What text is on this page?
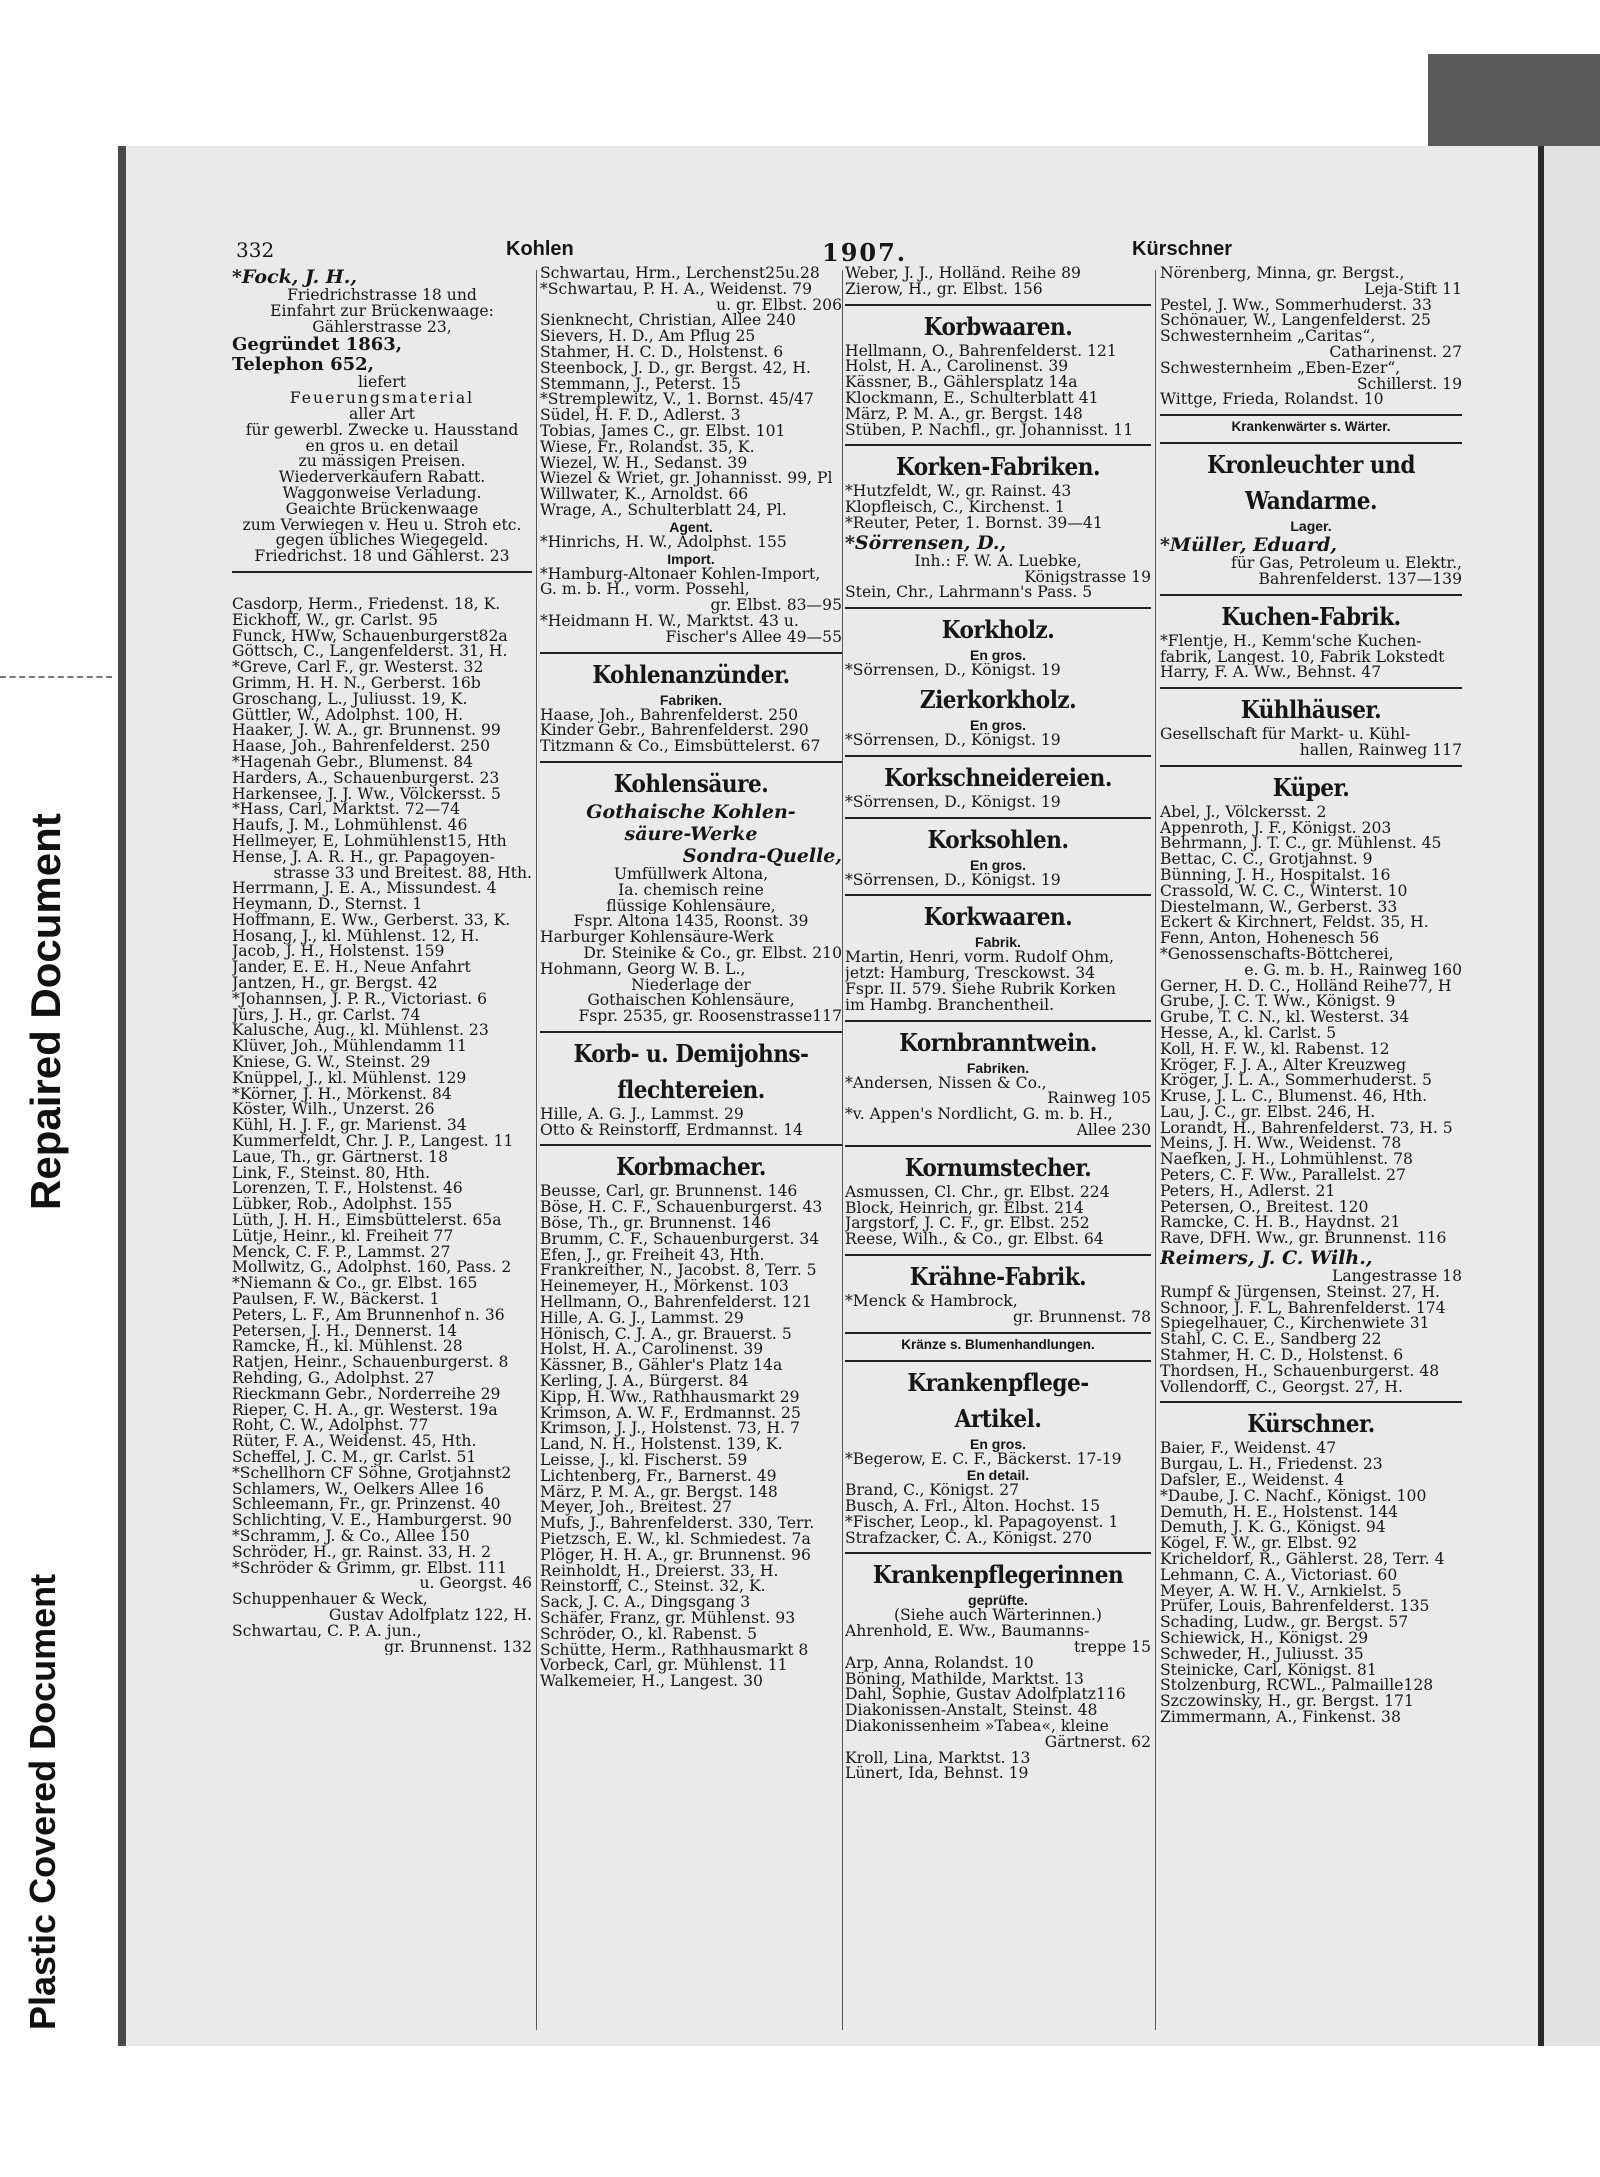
Repaired Document
Plastic Covered Document
332	Kohlen	1907.	Kürschner
*Fock, J. H.,
Friedrichstrasse 18 und
Einfahrt zur Brückenwaage:
Gählerstrasse 23,
Gegründet 1863,
Telephon 652,
liefert
Feuerungsmaterial
aller Art
für gewerbl. Zwecke u. Hausstand
en gros u. en detail
zu mässigen Preisen.
Wiederverkäufern Rabatt.
Waggonweise Verladung.
Geaichte Brückenwaage
zum Verwiegen v. Heu u. Stroh etc.
gegen übliches Wiegegeld.
Friedrichst. 18 und Gählerst. 23
Casdorp, Herm., Friedenst. 18, K.
Eickhoff, W., gr. Carlst. 95
Funck, HWw, Schauenburgerst82a
Göttsch, C., Langenfelderst. 31, H.
*Greve, Carl F., gr. Westerst. 32
Grimm, H. H. N., Gerberst. 16b
Groschang, L., Juliusst. 19, K.
Güttler, W., Adolphst. 100, H.
Haaker, J. W. A., gr. Brunnenst. 99
Haase, Joh., Bahrenfelderst. 250
*Hagenah Gebr., Blumenst. 84
Harders, A., Schauenburgerst. 23
Harkensee, J. J. Ww., Völckersst. 5
*Hass, Carl, Marktst. 72—74
Haufs, J. M., Lohmühlenst. 46
Hellmeyer, E, Lohmühlenst15, Hth
Hense, J. A. R. H., gr. Papagoyen-
strasse 33 und Breitest. 88, Hth.
Herrmann, J. E. A., Missundest. 4
Heymann, D., Sternst. 1
Hoffmann, E. Ww., Gerberst. 33, K.
Hosang, J., kl. Mühlenst. 12, H.
Jacob, J. H., Holstenst. 159
Jander, E. E. H., Neue Anfahrt
Jantzen, H., gr. Bergst. 42
*Johannsen, J. P. R., Victoriast. 6
Jürs, J. H., gr. Carlst. 74
Kalusche, Aug., kl. Mühlenst. 23
Klüver, Joh., Mühlendamm 11
Kniese, G. W., Steinst. 29
Knüppel, J., kl. Mühlenst. 129
*Körner, J. H., Mörkenst. 84
Köster, Wilh., Unzerst. 26
Kühl, H. J. F., gr. Marienst. 34
Kummerfeldt, Chr. J. P., Langest. 11
Laue, Th., gr. Gärtnerst. 18
Link, F., Steinst. 80, Hth.
Lorenzen, T. F., Holstenst. 46
Lübker, Rob., Adolphst. 155
Lüth, J. H. H., Eimsbüttelerst. 65a
Lütje, Heinr., kl. Freiheit 77
Menck, C. F. P., Lammst. 27
Mollwitz, G., Adolphst. 160, Pass. 2
*Niemann & Co., gr. Elbst. 165
Paulsen, F. W., Bäckerst. 1
Peters, L. F., Am Brunnenhof n. 36
Petersen, J. H., Dennerst. 14
Ramcke, H., kl. Mühlenst. 28
Ratjen, Heinr., Schauenburgerst. 8
Rehding, G., Adolphst. 27
Rieckmann Gebr., Norderreihe 29
Rieper, C. H. A., gr. Westerst. 19a
Roht, C. W., Adolphst. 77
Rüter, F. A., Weidenst. 45, Hth.
Scheffel, J. C. M., gr. Carlst. 51
*Schellhorn CF Söhne, Grotjahnst2
Schlamers, W., Oelkers Allee 16
Schleemann, Fr., gr. Prinzenst. 40
Schlichting, V. E., Hamburgerst. 90
*Schramm, J. & Co., Allee 150
Schröder, H., gr. Rainst. 33, H. 2
*Schröder & Grimm, gr. Elbst. 111
u. Georgst. 46
Schuppenhauer & Weck,
Gustav Adolfplatz 122, H.
Schwartau, C. P. A. jun.,
gr. Brunnenst. 132
Schwartau, Hrm., Lerchenst25u.28
*Schwartau, P. H. A., Weidenst. 79
u. gr. Elbst. 206
Sienknecht, Christian, Allee 240
Sievers, H. D., Am Pflug 25
Stahmer, H. C. D., Holstenst. 6
Steenbock, J. D., gr. Bergst. 42, H.
Stemmann, J., Peterst. 15
*Stremplewitz, V., 1. Bornst. 45/47
Südel, H. F. D., Adlerst. 3
Tobias, James C., gr. Elbst. 101
Wiese, Fr., Rolandst. 35, K.
Wiezel, W. H., Sedanst. 39
Wiezel & Wriet, gr. Johannisst. 99, Pl
Willwater, K., Arnoldst. 66
Wrage, A., Schulterblatt 24, Pl.
Agent.
*Hinrichs, H. W., Adolphst. 155
Import.
*Hamburg-Altonaer Kohlen-Import,
G. m. b. H., vorm. Possehl,
gr. Elbst. 83—95
*Heidmann H. W., Marktst. 43 u.
Fischer's Allee 49—55
Kohlenanzünder.
Fabriken.
Haase, Joh., Bahrenfelderst. 250
Kinder Gebr., Bahrenfelderst. 290
Titzmann & Co., Eimsbüttelerst. 67
Kohlensäure.
Gothaische Kohlen-
säure-Werke
Sondra-Quelle,
Umfüllwerk Altona,
Ia. chemisch reine
flüssige Kohlensäure,
Fspr. Altona 1435, Roonst. 39
Harburger Kohlensäure-Werk
Dr. Steinike & Co., gr. Elbst. 210
Hohmann, Georg W. B. L.,
Niederlage der
Gothaischen Kohlensäure,
Fspr. 2535, gr. Roosenstrasse117
Korb- u. Demijohns-
flechtereien.
Hille, A. G. J., Lammst. 29
Otto & Reinstorff, Erdmannst. 14
Korbmacher.
Beusse, Carl, gr. Brunnenst. 146
Böse, H. C. F., Schauenburgerst. 43
Böse, Th., gr. Brunnenst. 146
Brumm, C. F., Schauenburgerst. 34
Efen, J., gr. Freiheit 43, Hth.
Frankreither, N., Jacobst. 8, Terr. 5
Heinemeyer, H., Mörkenst. 103
Hellmann, O., Bahrenfelderst. 121
Hille, A. G. J., Lammst. 29
Hönisch, C. J. A., gr. Brauerst. 5
Holst, H. A., Carolinenst. 39
Kässner, B., Gähler's Platz 14a
Kerling, J. A., Bürgerst. 84
Kipp, H. Ww., Rathhausmarkt 29
Krimson, A. W. F., Erdmannst. 25
Krimson, J. J., Holstenst. 73, H. 7
Land, N. H., Holstenst. 139, K.
Leisse, J., kl. Fischerst. 59
Lichtenberg, Fr., Barnerst. 49
März, P. M. A., gr. Bergst. 148
Meyer, Joh., Breitest. 27
Mufs, J., Bahrenfelderst. 330, Terr.
Pietzsch, E. W., kl. Schmiedest. 7a
Plöger, H. H. A., gr. Brunnenst. 96
Reinholdt, H., Dreierst. 33, H.
Reinstorff, C., Steinst. 32, K.
Sack, J. C. A., Dingsgang 3
Schäfer, Franz, gr. Mühlenst. 93
Schröder, O., kl. Rabenst. 5
Schütte, Herm., Rathhausmarkt 8
Vorbeck, Carl, gr. Mühlenst. 11
Walkemeier, H., Langest. 30
Weber, J. J., Holländ. Reihe 89
Zierow, H., gr. Elbst. 156
Korbwaaren.
Hellmann, O., Bahrenfelderst. 121
Holst, H. A., Carolinenst. 39
Kässner, B., Gählersplatz 14a
Klockmann, E., Schulterblatt 41
März, P. M. A., gr. Bergst. 148
Stüben, P. Nachfl., gr. Johannisst. 11
Korken-Fabriken.
*Hutzfeldt, W., gr. Rainst. 43
Klopfleisch, C., Kirchenst. 1
*Reuter, Peter, 1. Bornst. 39—41
*Sörrensen, D.,
Inh.: F. W. A. Luebke,
Königstrasse 19
Stein, Chr., Lahrmann's Pass. 5
Korkholz.
En gros.
*Sörrensen, D., Königst. 19
Zierkorkholz.
En gros.
*Sörrensen, D., Königst. 19
Korkschneidereien.
*Sörrensen, D., Königst. 19
Korksohlen.
En gros.
*Sörrensen, D., Königst. 19
Korkwaaren.
Fabrik.
Martin, Henri, vorm. Rudolf Ohm,
jetzt: Hamburg, Tresckowst. 34
Fspr. II. 579. Siehe Rubrik Korken
im Hambg. Branchentheil.
Kornbranntwein.
Fabriken.
*Andersen, Nissen & Co.,
Rainweg 105
*v. Appen's Nordlicht, G. m. b. H.,
Allee 230
Kornumstecher.
Asmussen, Cl. Chr., gr. Elbst. 224
Block, Heinrich, gr. Elbst. 214
Jargstorf, J. C. F., gr. Elbst. 252
Reese, Wilh., & Co., gr. Elbst. 64
Krähne-Fabrik.
*Menck & Hambrock,
gr. Brunnenst. 78
Kränze s. Blumenhandlungen.
Krankenpflege-
Artikel.
En gros.
*Begerow, E. C. F., Bäckerst. 17-19
En detail.
Brand, C., Königst. 27
Busch, A. Frl., Alton. Hochst. 15
*Fischer, Leop., kl. Papagoyenst. 1
Strafzacker, C. A., Königst. 270
Krankenpflegerinnen
geprüfte.
(Siehe auch Wärterinnen.)
Ahrenhold, E. Ww., Baumanns-
treppe 15
Arp, Anna, Rolandst. 10
Böning, Mathilde, Marktst. 13
Dahl, Sophie, Gustav Adolfplatz116
Diakonissen-Anstalt, Steinst. 48
Diakonissenheim »Tabea«, kleine
Gärtnerst. 62
Kroll, Lina, Marktst. 13
Lünert, Ida, Behnst. 19
Nörenberg, Minna, gr. Bergst.,
Leja-Stift 11
Pestel, J. Ww., Sommerhuderst. 33
Schönauer, W., Langenfelderst. 25
Schwesternheim „Caritas“,
Catharinenst. 27
Schwesternheim „Eben-Ezer“,
Schillerst. 19
Wittge, Frieda, Rolandst. 10
Krankenwärter s. Wärter.
Kronleuchter und
Wandarme.
Lager.
*Müller, Eduard,
für Gas, Petroleum u. Elektr.,
Bahrenfelderst. 137—139
Kuchen-Fabrik.
*Flentje, H., Kemm'sche Kuchen-
fabrik, Langest. 10, Fabrik Lokstedt
Harry, F. A. Ww., Behnst. 47
Kühlhäuser.
Gesellschaft für Markt- u. Kühl-
hallen, Rainweg 117
Küper.
Abel, J., Völckersst. 2
Appenroth, J. F., Königst. 203
Behrmann, J. T. C., gr. Mühlenst. 45
Bettac, C. C., Grotjahnst. 9
Bünning, J. H., Hospitalst. 16
Crassold, W. C. C., Winterst. 10
Diestelmann, W., Gerberst. 33
Eckert & Kirchnert, Feldst. 35, H.
Fenn, Anton, Hohenesch 56
*Genossenschafts-Böttcherei,
e. G. m. b. H., Rainweg 160
Gerner, H. D. C., Holländ Reihe77, H
Grube, J. C. T. Ww., Königst. 9
Grube, T. C. N., kl. Westerst. 34
Hesse, A., kl. Carlst. 5
Koll, H. F. W., kl. Rabenst. 12
Kröger, F. J. A., Alter Kreuzweg
Kröger, J. L. A., Sommerhuderst. 5
Kruse, J. L. C., Blumenst. 46, Hth.
Lau, J. C., gr. Elbst. 246, H.
Lorandt, H., Bahrenfelderst. 73, H. 5
Meins, J. H. Ww., Weidenst. 78
Naefken, J. H., Lohmühlenst. 78
Peters, C. F. Ww., Parallelst. 27
Peters, H., Adlerst. 21
Petersen, O., Breitest. 120
Ramcke, C. H. B., Haydnst. 21
Rave, DFH. Ww., gr. Brunnenst. 116
Reimers, J. C. Wilh.,
Langestrasse 18
Rumpf & Jürgensen, Steinst. 27, H.
Schnoor, J. F. L, Bahrenfelderst. 174
Spiegelhauer, C., Kirchenwiete 31
Stahl, C. C. E., Sandberg 22
Stahmer, H. C. D., Holstenst. 6
Thordsen, H., Schauenburgerst. 48
Vollendorff, C., Georgst. 27, H.
Kürschner.
Baier, F., Weidenst. 47
Burgau, L. H., Friedenst. 23
Dafsler, E., Weidenst. 4
*Daube, J. C. Nachf., Königst. 100
Demuth, H. E., Holstenst. 144
Demuth, J. K. G., Königst. 94
Kögel, F. W., gr. Elbst. 92
Kricheldorf, R., Gählerst. 28, Terr. 4
Lehmann, C. A., Victoriast. 60
Meyer, A. W. H. V., Arnkielst. 5
Prüfer, Louis, Bahrenfelderst. 135
Schading, Ludw., gr. Bergst. 57
Schiewick, H., Königst. 29
Schweder, H., Juliusst. 35
Steinicke, Carl, Königst. 81
Stolzenburg, RCWL., Palmaille128
Szczowinsky, H., gr. Bergst. 171
Zimmermann, A., Finkenst. 38
